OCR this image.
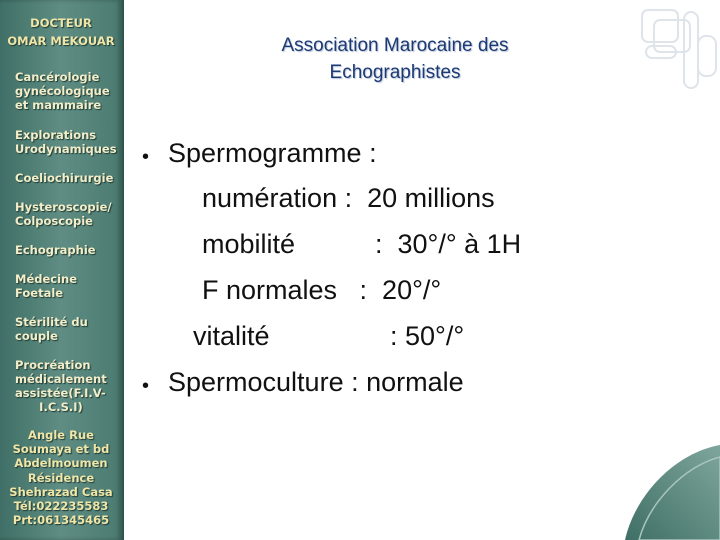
DOCTEUR
OMAR MEKOUAR
Cancérologie
gynécologique
et mammaire
Explorations
Urodynamiques
Coeliochirurgie
Hysteroscopie/
Colposcopie
Echographie
Médecine
Foetale
Stérilité du
couple
Procréation
médicalement
assistée(F.I.V-
I.C.S.I)
Angle Rue
Soumaya et bd
Abdelmoumen
Résidence
Shehrazad Casa
Tél:022235583
Prt:061345465
Association Marocaine des
Echographistes
• Spermogramme :
numération :  20 millions
mobilité	:  30°/° à 1H
F normales   :  20°/°
vitalité	: 50°/°
• Spermoculture : normale
